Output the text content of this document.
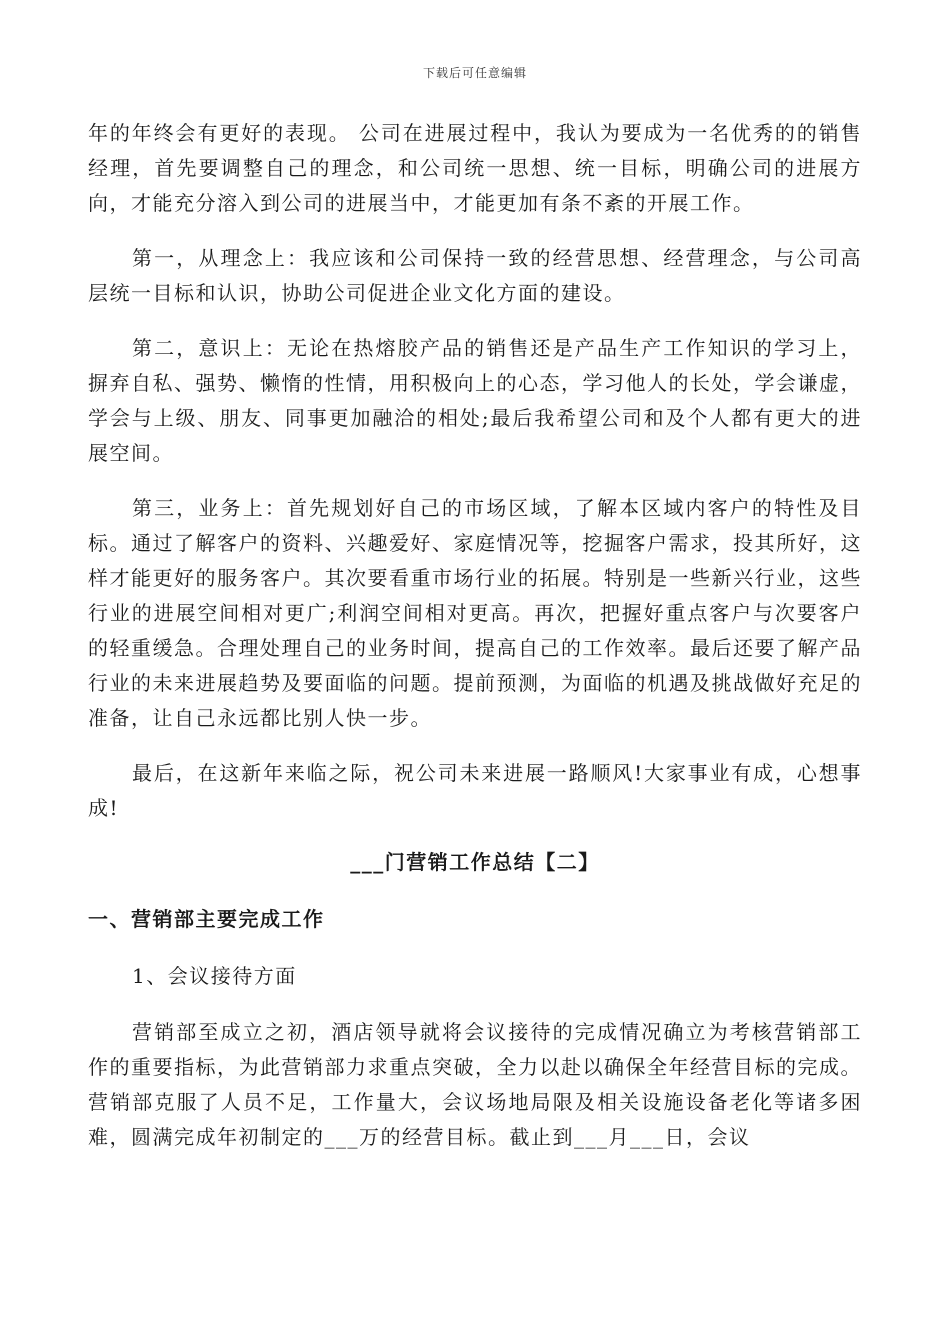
下载后可任意编辑

年的年终会有更好的表现。 公司在进展过程中，我认为要成为一名优秀的的销售经理，首先要调整自己的理念，和公司统一思想、统一目标，明确公司的进展方向，才能充分溶入到公司的进展当中，才能更加有条不紊的开展工作。

第一，从理念上：我应该和公司保持一致的经营思想、经营理念，与公司高层统一目标和认识，协助公司促进企业文化方面的建设。

第二，意识上：无论在热熔胶产品的销售还是产品生产工作知识的学习上，摒弃自私、强势、懒惰的性情，用积极向上的心态，学习他人的长处，学会谦虚，学会与上级、朋友、同事更加融洽的相处;最后我希望公司和及个人都有更大的进展空间。

第三，业务上：首先规划好自己的市场区域，了解本区域内客户的特性及目标。通过了解客户的资料、兴趣爱好、家庭情况等，挖掘客户需求，投其所好，这样才能更好的服务客户。其次要看重市场行业的拓展。特别是一些新兴行业，这些行业的进展空间相对更广;利润空间相对更高。再次，把握好重点客户与次要客户的轻重缓急。合理处理自己的业务时间，提高自己的工作效率。最后还要了解产品行业的未来进展趋势及要面临的问题。提前预测，为面临的机遇及挑战做好充足的准备，让自己永远都比别人快一步。

最后，在这新年来临之际，祝公司未来进展一路顺风!大家事业有成，心想事成!

___门营销工作总结【二】
一、营销部主要完成工作
1、会议接待方面

营销部至成立之初，酒店领导就将会议接待的完成情况确立为考核营销部工作的重要指标，为此营销部力求重点突破，全力以赴以确保全年经营目标的完成。营销部克服了人员不足，工作量大，会议场地局限及相关设施设备老化等诸多困难，圆满完成年初制定的___万的经营目标。截止到___月___日，会议
